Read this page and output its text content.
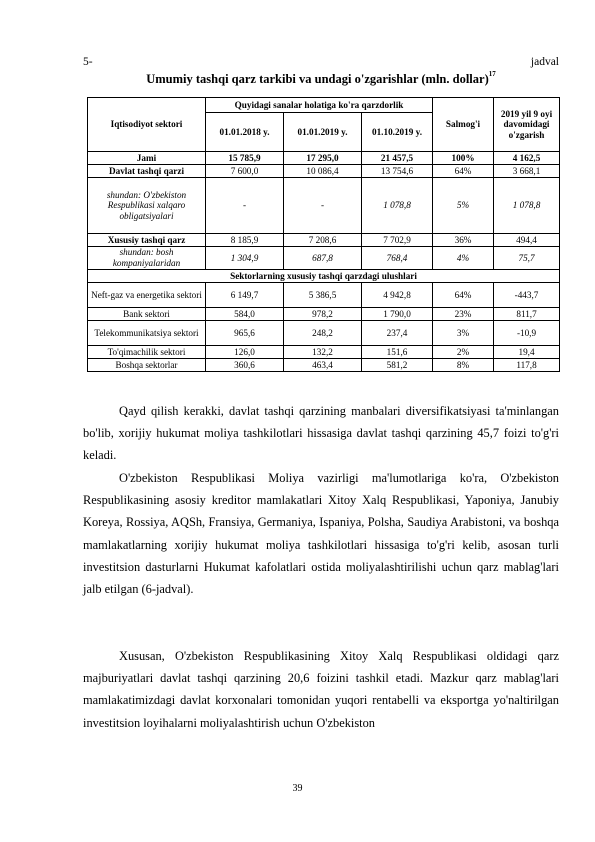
5-	jadval
Umumiy tashqi qarz tarkibi va undagi o'zgarishlar (mln. dollar)$^{17}$
Iqtisodiyot sektori	Quyidagi sanalar holatiga ko'ra qarzdorlik			Salmog'i	2019 yil 9 oyi davomidagi o'zgarish
	01.01.2018 y.	01.01.2019 y.	01.10.2019 y.		
Jami	15 785,9	17 295,0	21 457,5	100%	4 162,5
Davlat tashqi qarzi	7 600,0	10 086,4	13 754,6	64%	3 668,1
shundan: O'zbekiston Respublikasi xalqaro obligatsiyalari	-	-	1 078,8	5%	1 078,8
Xususiy tashqi qarz	8 185,9	7 208,6	7 702,9	36%	494,4
shundan: bosh kompaniyalaridan	1 304,9	687,8	768,4	4%	75,7
Sektorlarning xususiy tashqi qarzdagi ulushlari					
Neft-gaz va energetika sektori	6 149,7	5 386,5	4 942,8	64%	-443,7
Bank sektori	584,0	978,2	1 790,0	23%	811,7
Telekommunikatsiya sektori	965,6	248,2	237,4	3%	-10,9
To'qimachilik sektori	126,0	132,2	151,6	2%	19,4
Boshqa sektorlar	360,6	463,4	581,2	8%	117,8

Qayd qilish kerakki, davlat tashqi qarzining manbalari diversifikatsiyasi ta'minlangan bo'lib, xorijiy hukumat moliya tashkilotlari hissasiga davlat tashqi qarzining 45,7 foizi to'g'ri keladi.

O'zbekiston Respublikasi Moliya vazirligi ma'lumotlariga ko'ra, O'zbekiston Respublikasining asosiy kreditor mamlakatlari Xitoy Xalq Respublikasi, Yaponiya, Janubiy Koreya, Rossiya, AQSh, Fransiya, Germaniya, Ispaniya, Polsha, Saudiya Arabistoni, va boshqa mamlakatlarning xorijiy hukumat moliya tashkilotlari hissasiga to'g'ri kelib, asosan turli investitsion dasturlarni Hukumat kafolatlari ostida moliyalashtirilishi uchun qarz mablag'lari jalb etilgan (6-jadval).

Xususan, O'zbekiston Respublikasining Xitoy Xalq Respublikasi oldidagi qarz majburiyatlari davlat tashqi qarzining 20,6 foizini tashkil etadi. Mazkur qarz mablag'lari mamlakatimizdagi davlat korxonalari tomonidan yuqori rentabelli va eksportga yo'naltirilgan investitsion loyihalarni moliyalashtirish uchun O'zbekiston

39
